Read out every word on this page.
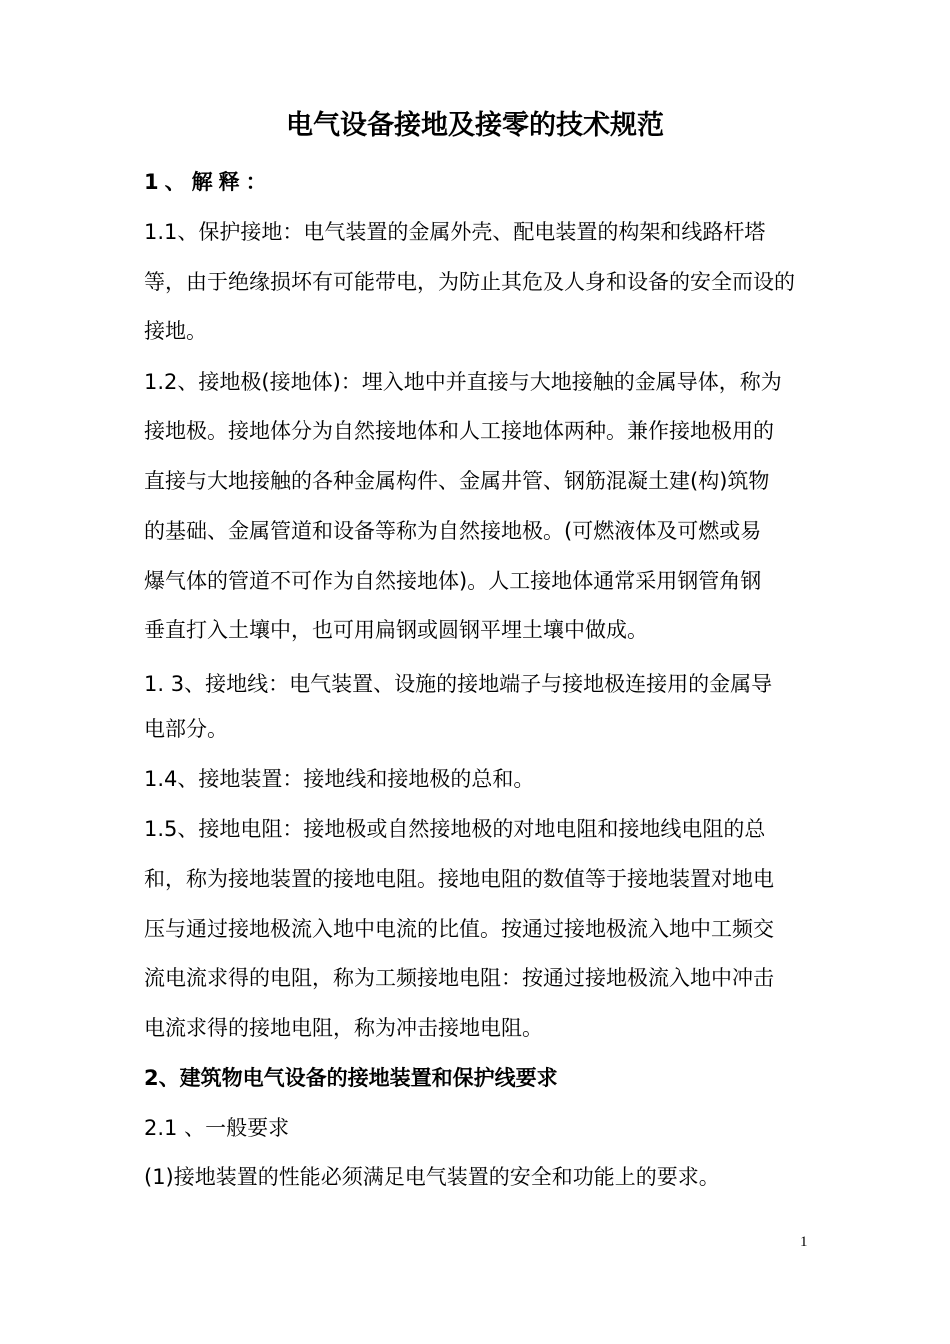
电气设备接地及接零的技术规范
1、解释：
1.1、保护接地：电气装置的金属外壳、配电装置的构架和线路杆塔
等，由于绝缘损坏有可能带电，为防止其危及人身和设备的安全而设的
接地。
1.2、接地极(接地体)：埋入地中并直接与大地接触的金属导体，称为
接地极。接地体分为自然接地体和人工接地体两种。兼作接地极用的
直接与大地接触的各种金属构件、金属井管、钢筋混凝土建(构)筑物
的基础、金属管道和设备等称为自然接地极。(可燃液体及可燃或易
爆气体的管道不可作为自然接地体)。人工接地体通常采用钢管角钢
垂直打入土壤中，也可用扁钢或圆钢平埋土壤中做成。
1. 3、接地线：电气装置、设施的接地端子与接地极连接用的金属导
电部分。
1.4、接地装置：接地线和接地极的总和。
1.5、接地电阻：接地极或自然接地极的对地电阻和接地线电阻的总
和，称为接地装置的接地电阻。接地电阻的数值等于接地装置对地电
压与通过接地极流入地中电流的比值。按通过接地极流入地中工频交
流电流求得的电阻，称为工频接地电阻：按通过接地极流入地中冲击
电流求得的接地电阻，称为冲击接地电阻。
2、建筑物电气设备的接地装置和保护线要求
2.1 、一般要求
(1)接地装置的性能必须满足电气装置的安全和功能上的要求。
1
